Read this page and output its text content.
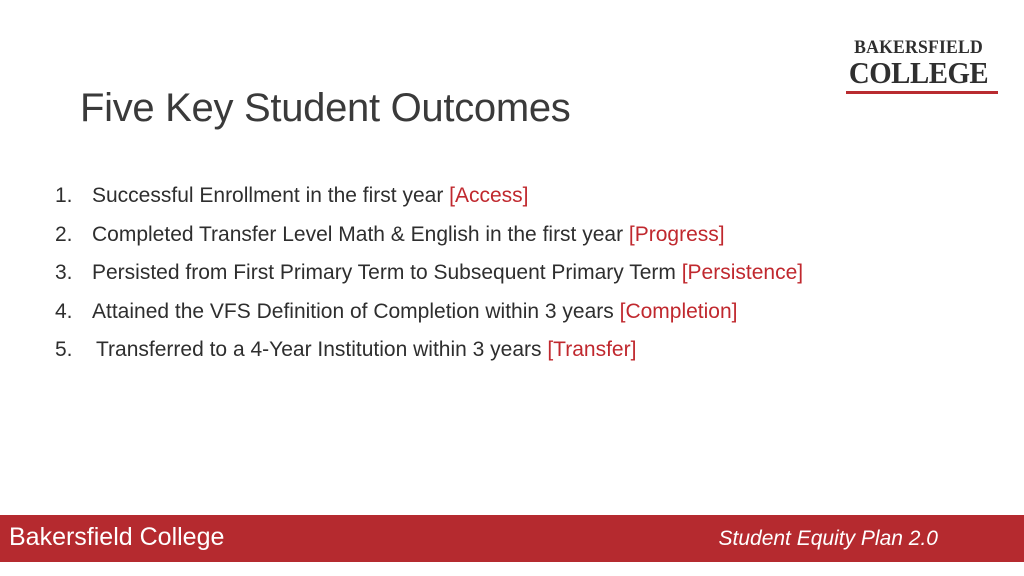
BAKERSFIELD
COLLEGE
Five Key Student Outcomes
1. Successful Enrollment in the first year [Access]
2. Completed Transfer Level Math & English in the first year [Progress]
3. Persisted from First Primary Term to Subsequent Primary Term [Persistence]
4. Attained the VFS Definition of Completion within 3 years [Completion]
5. Transferred to a 4-Year Institution within 3 years [Transfer]
Bakersfield College	Student Equity Plan 2.0
